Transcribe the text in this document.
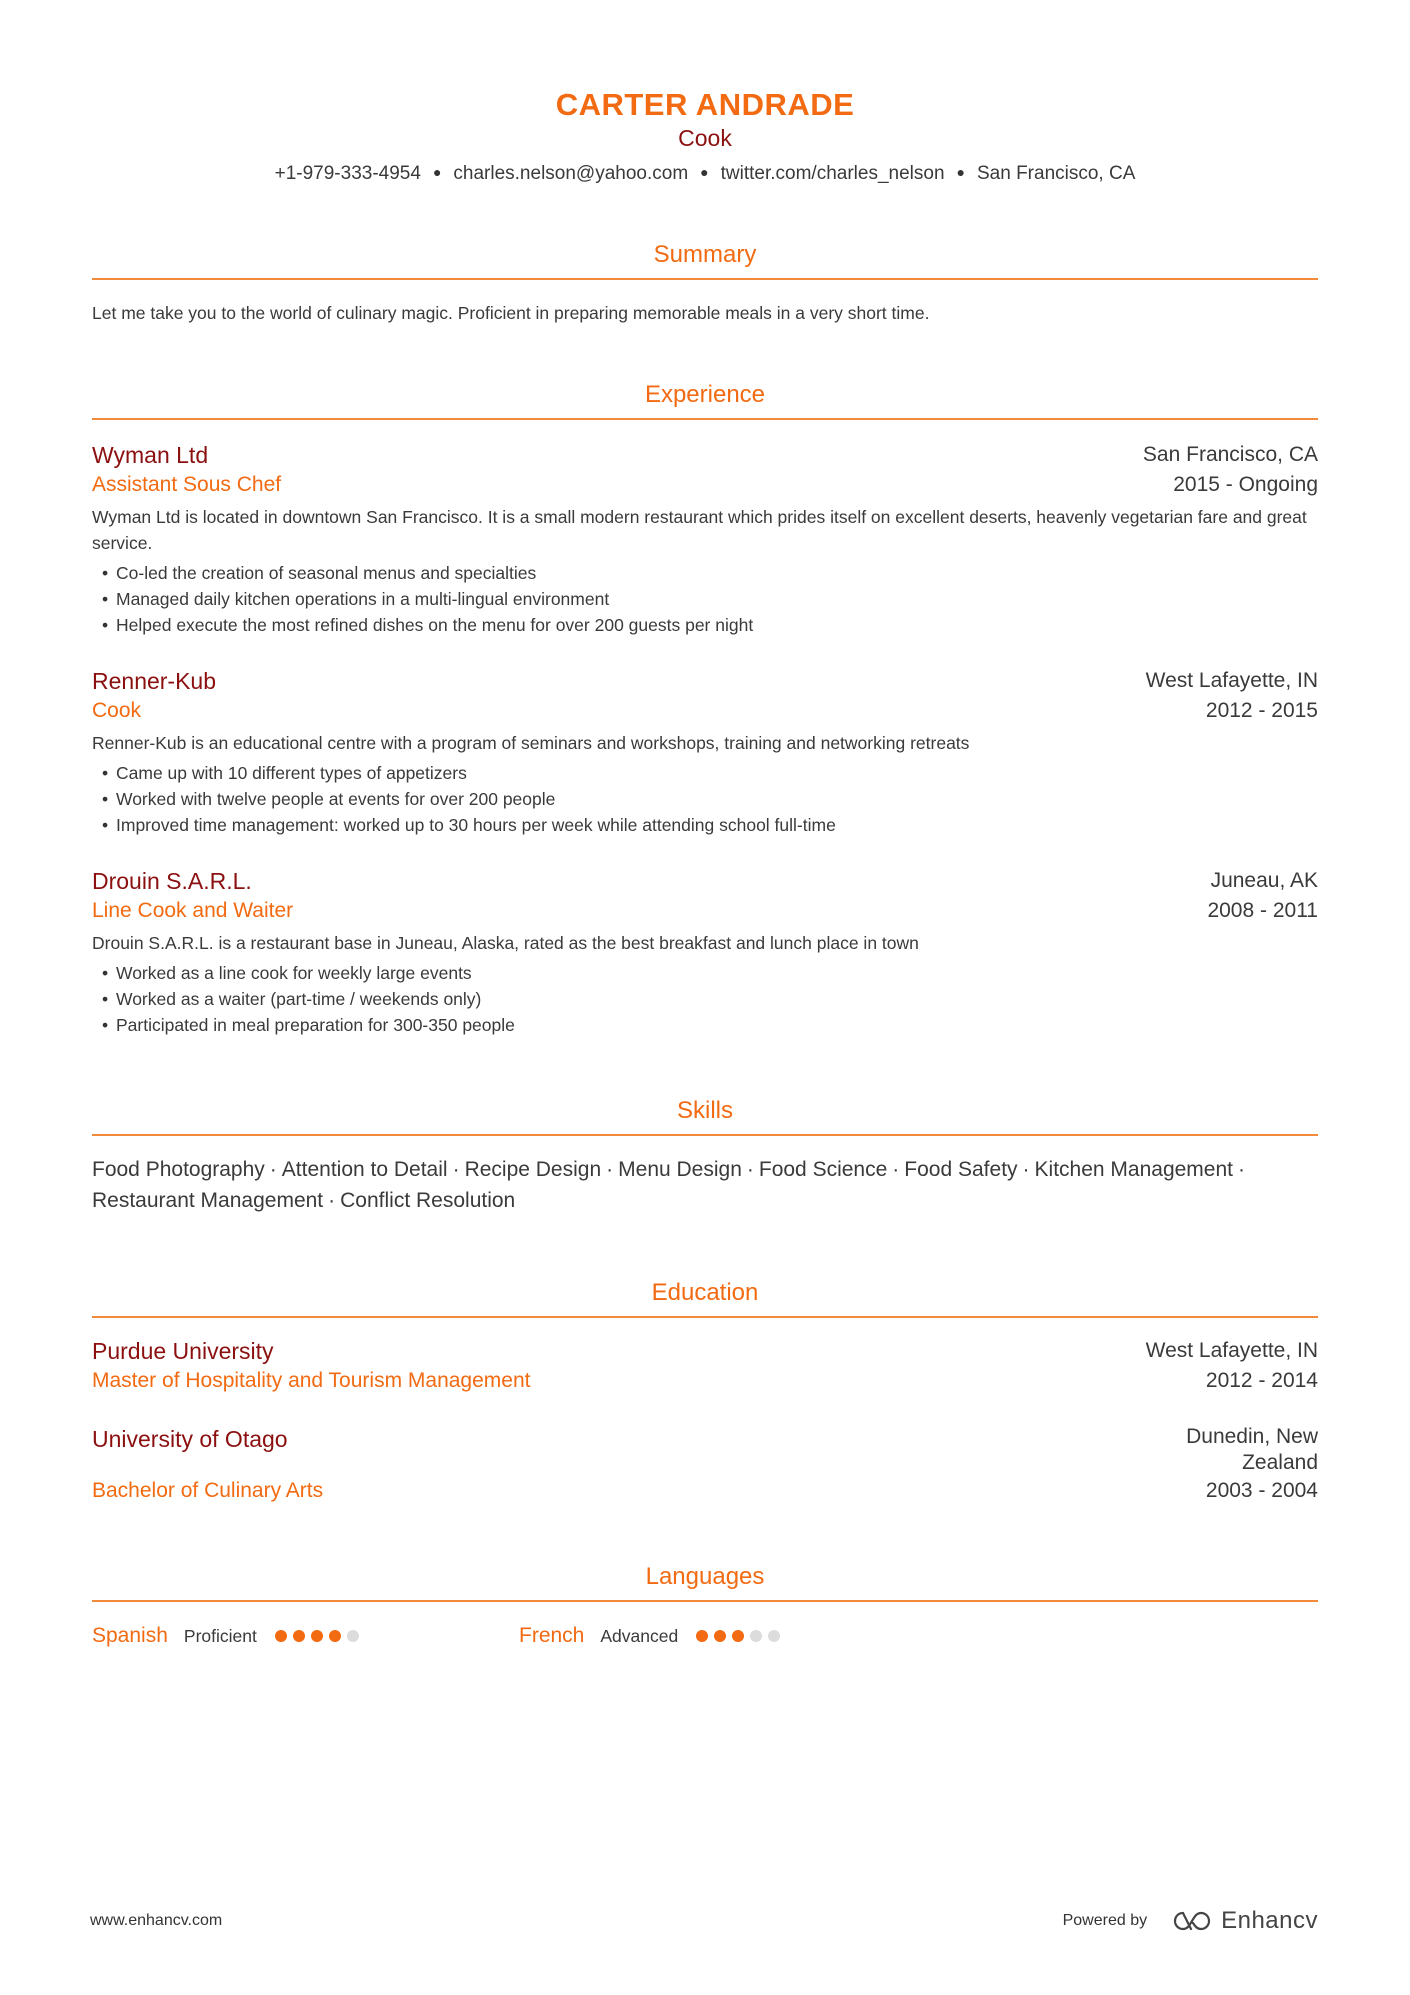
CARTER ANDRADE
Cook
+1-979-333-4954 ● charles.nelson@yahoo.com ● twitter.com/charles_nelson ● San Francisco, CA
Summary
Let me take you to the world of culinary magic. Proficient in preparing memorable meals in a very short time.
Experience
Wyman Ltd	San Francisco, CA
Assistant Sous Chef	2015 - Ongoing
Wyman Ltd is located in downtown San Francisco. It is a small modern restaurant which prides itself on excellent deserts, heavenly vegetarian fare and great service.
• Co-led the creation of seasonal menus and specialties
• Managed daily kitchen operations in a multi-lingual environment
• Helped execute the most refined dishes on the menu for over 200 guests per night
Renner-Kub	West Lafayette, IN
Cook	2012 - 2015
Renner-Kub is an educational centre with a program of seminars and workshops, training and networking retreats
• Came up with 10 different types of appetizers
• Worked with twelve people at events for over 200 people
• Improved time management: worked up to 30 hours per week while attending school full-time
Drouin S.A.R.L.	Juneau, AK
Line Cook and Waiter	2008 - 2011
Drouin S.A.R.L. is a restaurant base in Juneau, Alaska, rated as the best breakfast and lunch place in town
• Worked as a line cook for weekly large events
• Worked as a waiter (part-time / weekends only)
• Participated in meal preparation for 300-350 people
Skills
Food Photography · Attention to Detail · Recipe Design · Menu Design · Food Science · Food Safety · Kitchen Management ·
Restaurant Management · Conflict Resolution
Education
Purdue University	West Lafayette, IN
Master of Hospitality and Tourism Management	2012 - 2014
University of Otago	Dunedin, New
Zealand
Bachelor of Culinary Arts	2003 - 2004
Languages
Spanish Proficient	French Advanced
www.enhancv.com	Powered by	Enhancv
